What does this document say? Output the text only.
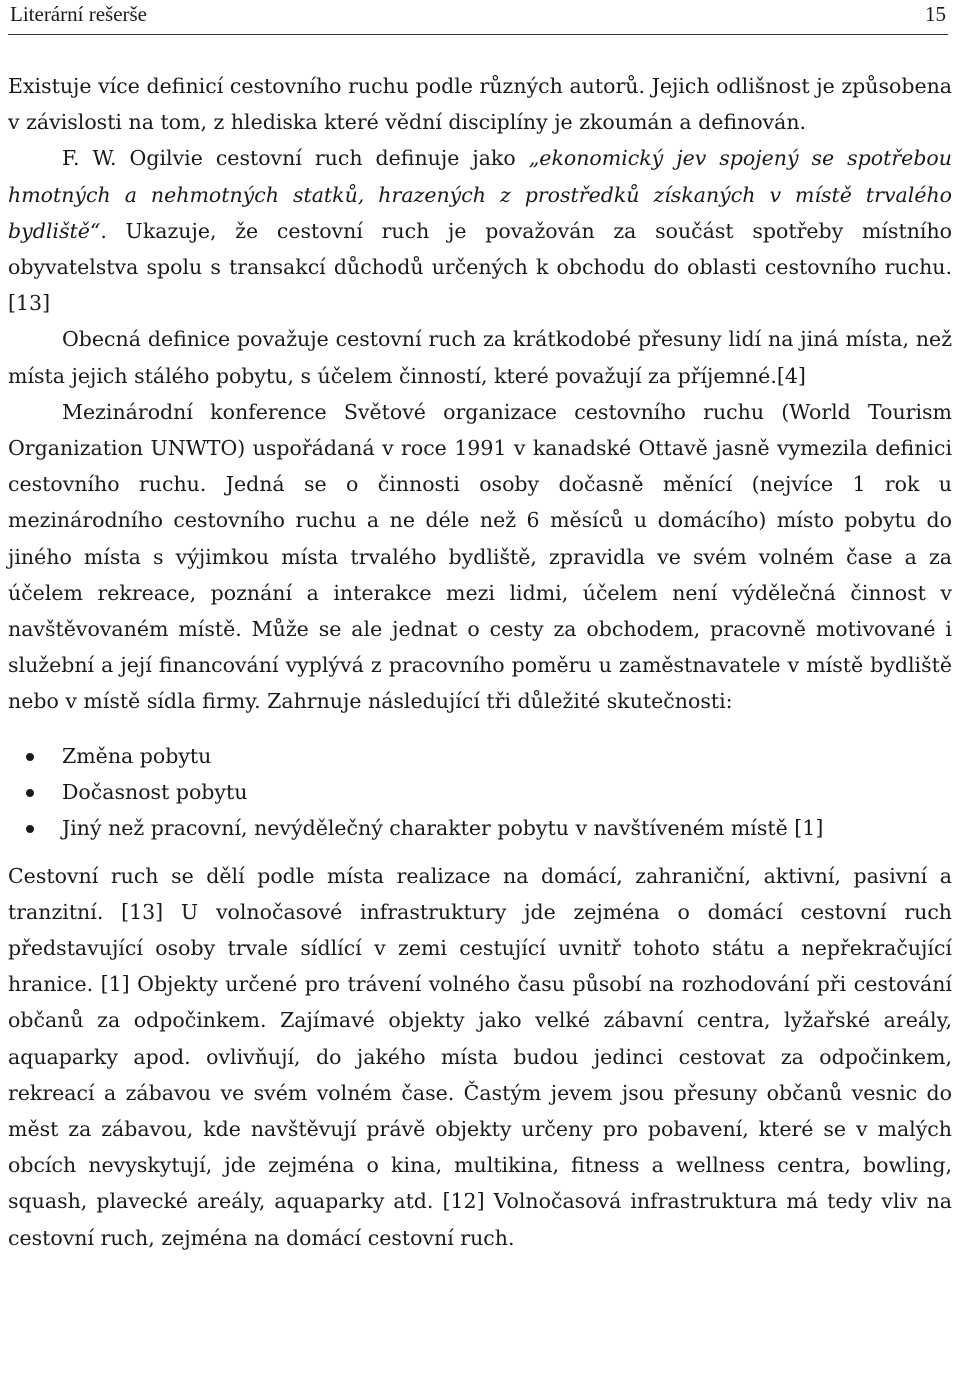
Literární rešerše	15

Existuje více definicí cestovního ruchu podle různých autorů. Jejich odlišnost je způsobena v závislosti na tom, z hlediska které vědní disciplíny je zkoumán a definován.

F. W. Ogilvie cestovní ruch definuje jako „ekonomický jev spojený se spotřebou hmotných a nehmotných statků, hrazených z prostředků získaných v místě trvalého bydliště“. Ukazuje, že cestovní ruch je považován za součást spotřeby místního obyvatelstva spolu s transakcí důchodů určených k obchodu do oblasti cestovního ruchu. [13]

Obecná definice považuje cestovní ruch za krátkodobé přesuny lidí na jiná místa, než místa jejich stálého pobytu, s účelem činností, které považují za příjemné.[4]

Mezinárodní konference Světové organizace cestovního ruchu (World Tourism Organization UNWTO) uspořádaná v roce 1991 v kanadské Ottavě jasně vymezila definici cestovního ruchu. Jedná se o činnosti osoby dočasně měnící (nejvíce 1 rok u mezinárodního cestovního ruchu a ne déle než 6 měsíců u domácího) místo pobytu do jiného místa s výjimkou místa trvalého bydliště, zpravidla ve svém volném čase a za účelem rekreace, poznání a interakce mezi lidmi, účelem není výdělečná činnost v navštěvovaném místě. Může se ale jednat o cesty za obchodem, pracovně motivované i služební a její financování vyplývá z pracovního poměru u zaměstnavatele v místě bydliště nebo v místě sídla firmy. Zahrnuje následující tři důležité skutečnosti:

Změna pobytu
Dočasnost pobytu
Jiný než pracovní, nevýdělečný charakter pobytu v navštíveném místě [1]

Cestovní ruch se dělí podle místa realizace na domácí, zahraniční, aktivní, pasivní a tranzitní. [13] U volnočasové infrastruktury jde zejména o domácí cestovní ruch představující osoby trvale sídlící v zemi cestující uvnitř tohoto státu a nepřekračující hranice. [1] Objekty určené pro trávení volného času působí na rozhodování při cestování občanů za odpočinkem. Zajímavé objekty jako velké zábavní centra, lyžařské areály, aquaparky apod. ovlivňují, do jakého místa budou jedinci cestovat za odpočinkem, rekreací a zábavou ve svém volném čase. Častým jevem jsou přesuny občanů vesnic do měst za zábavou, kde navštěvují právě objekty určeny pro pobavení, které se v malých obcích nevyskytují, jde zejména o kina, multikina, fitness a wellness centra, bowling, squash, plavecké areály, aquaparky atd. [12] Volnočasová infrastruktura má tedy vliv na cestovní ruch, zejména na domácí cestovní ruch.
